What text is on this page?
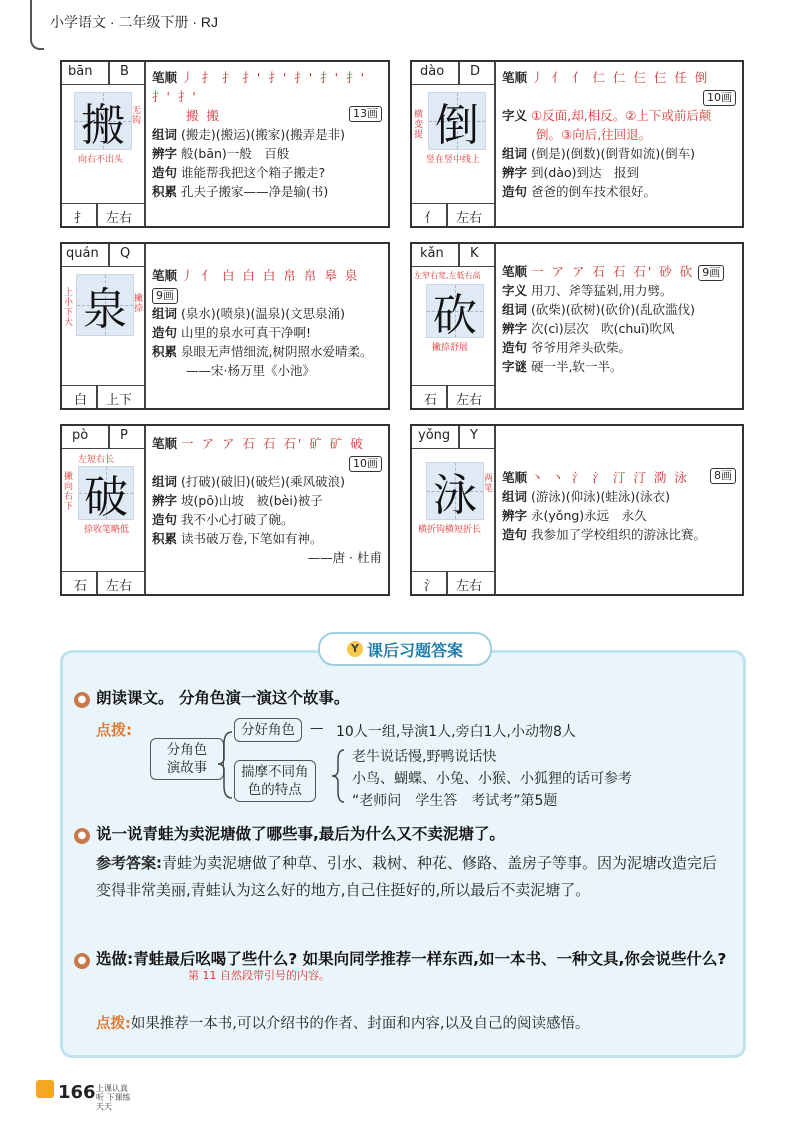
小学语文 · 二年级下册 · RJ
bān B
搬 无钩
向右不出头
扌 左右
笔顺 丿 扌 扌 扌' 扌' 扌' 扌' 扌' 扌' 扌'
搬 搬	13画
组词 (搬走)(搬运)(搬家)(搬弄是非)
辨字 般(bān)一般　百般
造句 谁能帮我把这个箱子搬走?
积累 孔夫子搬家——净是输(书)
dào D
横变提 倒
竖在竖中线上
亻 左右
笔顺 丿 亻 亻 仁 仁 仨 仨 任 倒
10画
字义 ①反面,却,相反。②上下或前后颠倒。③向后,往回退。
组词 (倒是)(倒数)(倒背如流)(倒车)
辨字 到(dào)到达　报到
造句 爸爸的倒车技术很好。
quán Q
上小下大 泉 撇捺
白 上下
笔顺 丿 亻 白 白 白 帛 帛 皋 泉 9画
组词 (泉水)(喷泉)(温泉)(文思泉涌)
造句 山里的泉水可真干净啊!
积累 泉眼无声惜细流,树阴照水爱晴柔。——宋·杨万里《小池》
kǎn K
左窄右宽,左低右高
砍
撇捺舒展
石 左右
笔顺 一 ア ア 石 石 石' 砂 砍 9画
字义 用刀、斧等猛剁,用力劈。
组词 (砍柴)(砍树)(砍价)(乱砍滥伐)
辨字 次(cì)层次　吹(chuī)吹风
造句 爷爷用斧头砍柴。
字谜 硬一半,软一半。
pò P
左短右长
撇向右下 破
捺收笔略低
石 左右
笔顺 一 ア ア 石 石 石' 矿 矿 破
10画
组词 (打破)(破旧)(破烂)(乘风破浪)
辨字 坡(pō)山坡　被(bèi)被子
造句 我不小心打破了碗。
积累 读书破万卷,下笔如有神。
——唐 · 杜甫
yǒng Y
泳 两笔
横折钩横短折长
氵 左右
笔顺 丶 丶 氵 氵 汀 汀 泐 泳	8画
组词 (游泳)(仰泳)(蛙泳)(泳衣)
辨字 永(yǒng)永远　永久
造句 我参加了学校组织的游泳比赛。
Y 课后习题答案
● 朗读课文。 分角色演一演这个故事。
点拨:
分角色
演故事
分好角色	— 10人一组,导演1人,旁白1人,小动物8人
揣摩不同角
色的特点
老牛说话慢,野鸭说话快
小鸟、蝴蝶、小兔、小猴、小狐狸的话可参考
“老师问　学生答　考试考”第5题
● 说一说青蛙为卖泥塘做了哪些事,最后为什么又不卖泥塘了。
参考答案:青蛙为卖泥塘做了种草、引水、栽树、种花、修路、盖房子等事。因为泥塘改造完后变得非常美丽,青蛙认为这么好的地方,自己住挺好的,所以最后不卖泥塘了。
● 选做:青蛙最后吆喝了些什么? 如果向同学推荐一样东西,如一本书、一种文具,你会说些什么?
第 11 自然段带引号的内容。
点拨:如果推荐一本书,可以介绍书的作者、封面和内容,以及自己的阅读感悟。
166 上课认真听 下课练天天
